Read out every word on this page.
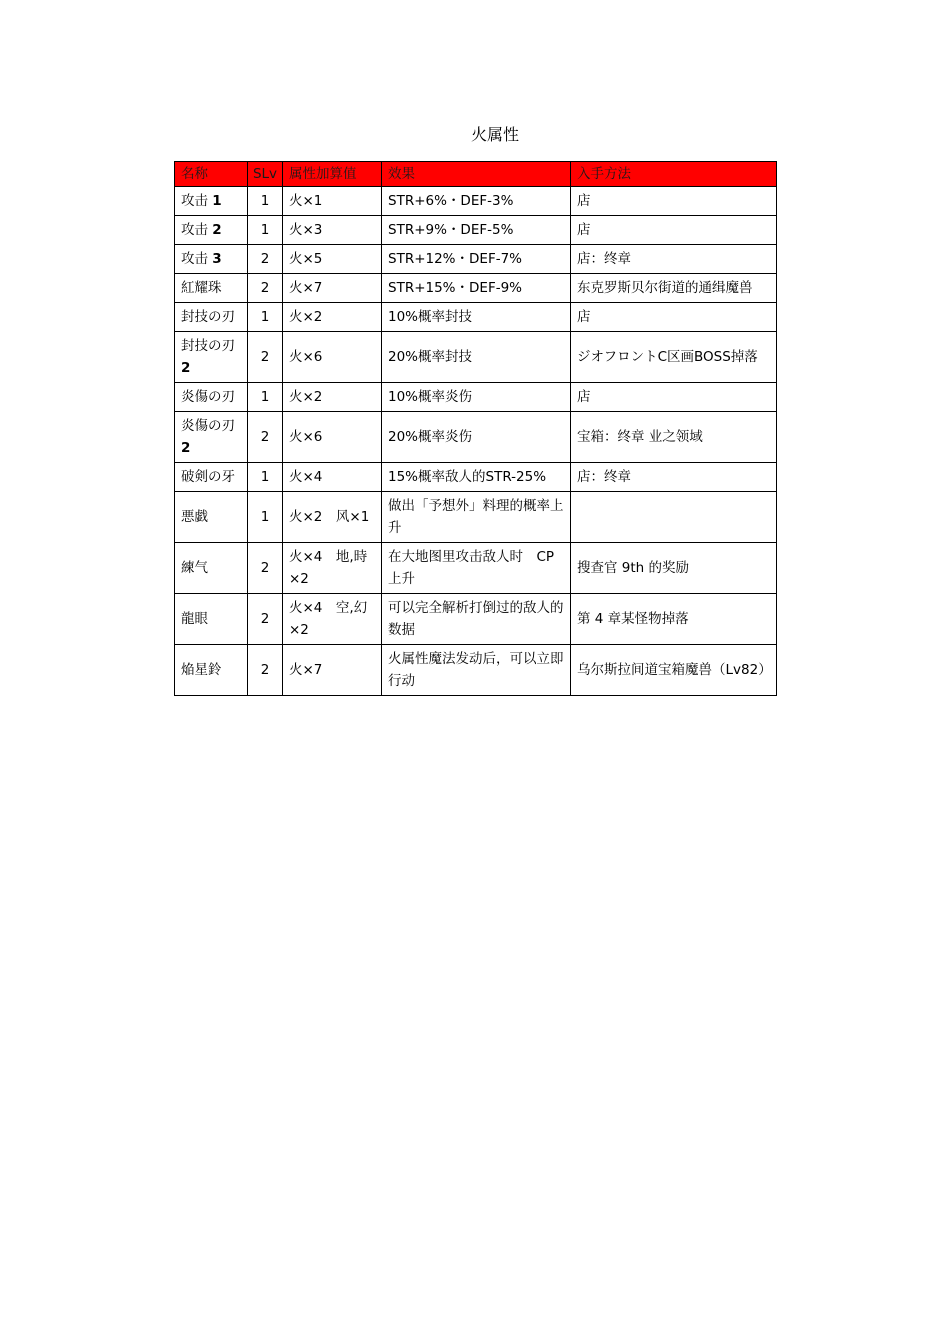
火属性
名称	SLv	属性加算值	效果	入手方法
攻击 1	1	火×1	STR+6%・DEF-3%	店
攻击 2	1	火×3	STR+9%・DEF-5%	店
攻击 3	2	火×5	STR+12%・DEF-7%	店：终章
紅耀珠	2	火×7	STR+15%・DEF-9%	东克罗斯贝尔街道的通缉魔兽
封技の刃	1	火×2	10%概率封技	店
封技の刃 2	2	火×6	20%概率封技	ジオフロントC区画BOSS掉落
炎傷の刃	1	火×2	10%概率炎伤	店
炎傷の刃 2	2	火×6	20%概率炎伤	宝箱：终章 业之领域
破剣の牙	1	火×4	15%概率敌人的STR-25%	店：终章
悪戯	1	火×2　风×1	做出「予想外」料理的概率上升	
練气	2	火×4　地,時×2	在大地图里攻击敌人时　CP上升	搜查官 9th 的奖励
龍眼	2	火×4　空,幻×2	可以完全解析打倒过的敌人的数据	第 4 章某怪物掉落
焔星鈴	2	火×7	火属性魔法发动后，可以立即行动	乌尔斯拉间道宝箱魔兽（Lv82）
